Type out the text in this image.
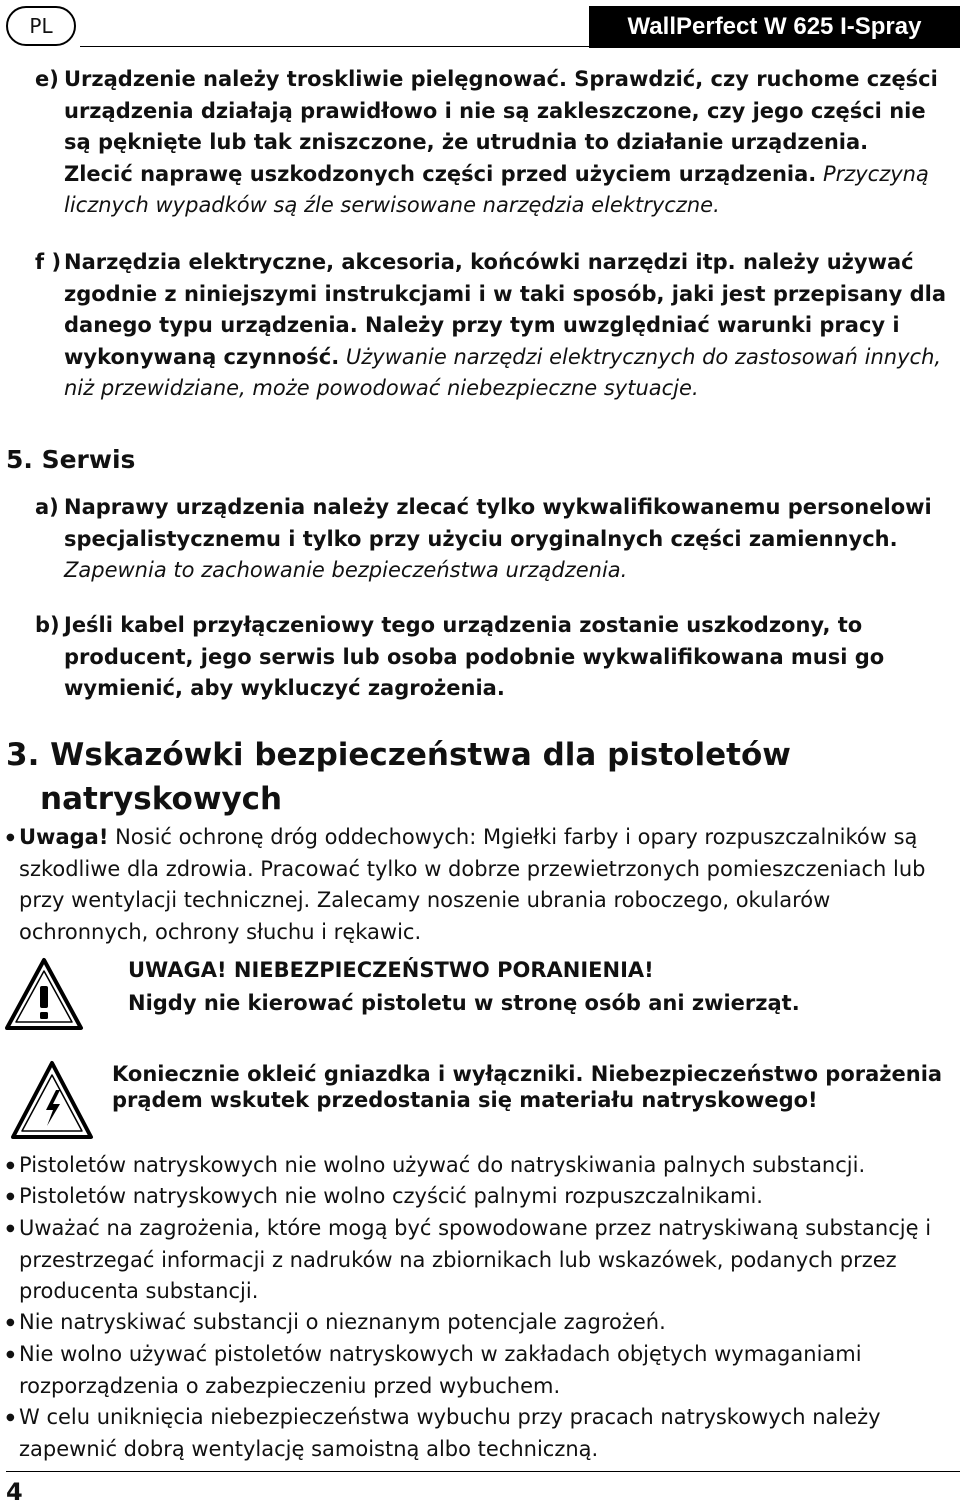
PL	WallPerfect W 625 I-Spray
e) Urządzenie należy troskliwie pielęgnować. Sprawdzić, czy ruchome części urządzenia działają prawidłowo i nie są zakleszczone, czy jego części nie są pęknięte lub tak zniszczone, że utrudnia to działanie urządzenia. Zlecić naprawę uszkodzonych części przed użyciem urządzenia. Przyczyną licznych wypadków są źle serwisowane narzędzia elektryczne.

f ) Narzędzia elektryczne, akcesoria, końcówki narzędzi itp. należy używać zgodnie z niniejszymi instrukcjami i w taki sposób, jaki jest przepisany dla danego typu urządzenia. Należy przy tym uwzględniać warunki pracy i wykonywaną czynność. Używanie narzędzi elektrycznych do zastosowań innych, niż przewidziane, może powodować niebezpieczne sytuacje.

5. Serwis
a) Naprawy urządzenia należy zlecać tylko wykwalifikowanemu personelowi specjalistycznemu i tylko przy użyciu oryginalnych części zamiennych. Zapewnia to zachowanie bezpieczeństwa urządzenia.

b) Jeśli kabel przyłączeniowy tego urządzenia zostanie uszkodzony, to producent, jego serwis lub osoba podobnie wykwalifikowana musi go wymienić, aby wykluczyć zagrożenia.

3. Wskazówki bezpieczeństwa dla pistoletów
natryskowych
● Uwaga! Nosić ochronę dróg oddechowych: Mgiełki farby i opary rozpuszczalników są szkodliwe dla zdrowia. Pracować tylko w dobrze przewietrzonych pomieszczeniach lub przy wentylacji technicznej. Zalecamy noszenie ubrania roboczego, okularów ochronnych, ochrony słuchu i rękawic.

UWAGA! NIEBEZPIECZEŃSTWO PORANIENIA!
Nigdy nie kierować pistoletu w stronę osób ani zwierząt.
Koniecznie okleić gniazdka i wyłączniki. Niebezpieczeństwo porażenia
prądem wskutek przedostania się materiału natryskowego!
● Pistoletów natryskowych nie wolno używać do natryskiwania palnych substancji.

● Pistoletów natryskowych nie wolno czyścić palnymi rozpuszczalnikami.

● Uważać na zagrożenia, które mogą być spowodowane przez natryskiwaną substancję i przestrzegać informacji z nadruków na zbiornikach lub wskazówek, podanych przez producenta substancji.

● Nie natryskiwać substancji o nieznanym potencjale zagrożeń.

● Nie wolno używać pistoletów natryskowych w zakładach objętych wymaganiami rozporządzenia o zabezpieczeniu przed wybuchem.

● W celu uniknięcia niebezpieczeństwa wybuchu przy pracach natryskowych należy zapewnić dobrą wentylację samoistną albo techniczną.

4
